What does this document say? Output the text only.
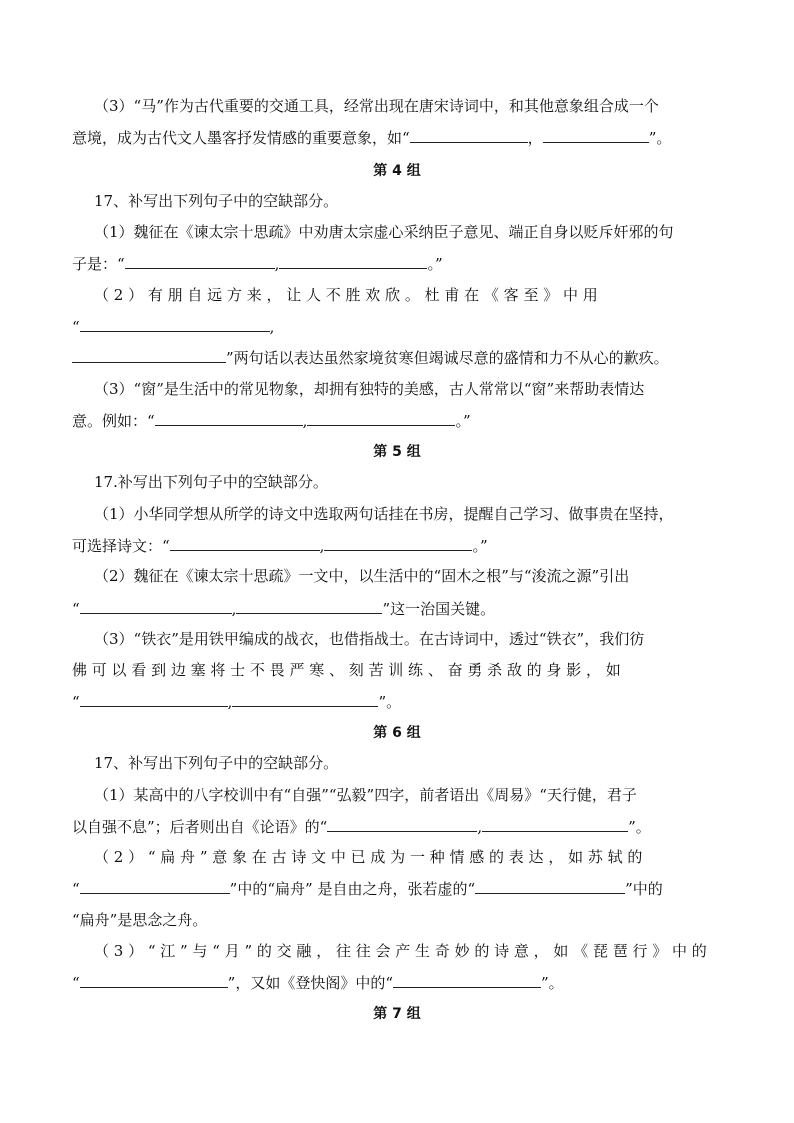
（3）“马”作为古代重要的交通工具，经常出现在唐宋诗词中，和其他意象组合成一个
意境，成为古代文人墨客抒发情感的重要意象，如“	，	”。
第 4 组
17、补写出下列句子中的空缺部分。
（1）魏征在《谏太宗十思疏》中劝唐太宗虚心采纳臣子意见、端正自身以贬斥奸邪的句
子是：“	,	。”
（ 2 ） 有 朋 自 远 方 来 ， 让 人 不 胜 欢 欣 。 杜 甫 在 《 客 至 》 中 用
“	,
”两句话以表达虽然家境贫寒但竭诚尽意的盛情和力不从心的歉疚。
（3）“窗”是生活中的常见物象，却拥有独特的美感，古人常常以“窗”来帮助表情达
意。例如：“	,	。”
第 5 组
17.补写出下列句子中的空缺部分。
（1）小华同学想从所学的诗文中选取两句话挂在书房，提醒自己学习、做事贵在坚持，
可选择诗文：“	,	。”
（2）魏征在《谏太宗十思疏》一文中，以生活中的“固木之根”与“浚流之源”引出
“	,	”这一治国关键。
（3）“铁衣”是用铁甲编成的战衣，也借指战士。在古诗词中，透过“铁衣”，我们彷
佛 可 以 看 到 边 塞 将 士 不 畏 严 寒 、 刻 苦 训 练 、 奋 勇 杀 敌 的 身 影 ， 如
“	,	”。
第 6 组
17、补写出下列句子中的空缺部分。
（1）某高中的八字校训中有“自强”“弘毅”四字，前者语出《周易》“天行健，君子
以自强不息”；后者则出自《论语》的“	,	”。
（ 2 ） “ 扁 舟 ” 意 象 在 古 诗 文 中 已 成 为 一 种 情 感 的 表 达 ， 如 苏 轼 的
“	”中的“扁舟” 是自由之舟，张若虚的“	”中的
“扁舟”是思念之舟。
（ 3 ） “ 江 ” 与 “ 月 ” 的 交 融 ， 往 往 会 产 生 奇 妙 的 诗 意 ， 如 《 琵 琶 行 》 中 的
“	”，又如《登快阁》中的“	”。
第 7 组
